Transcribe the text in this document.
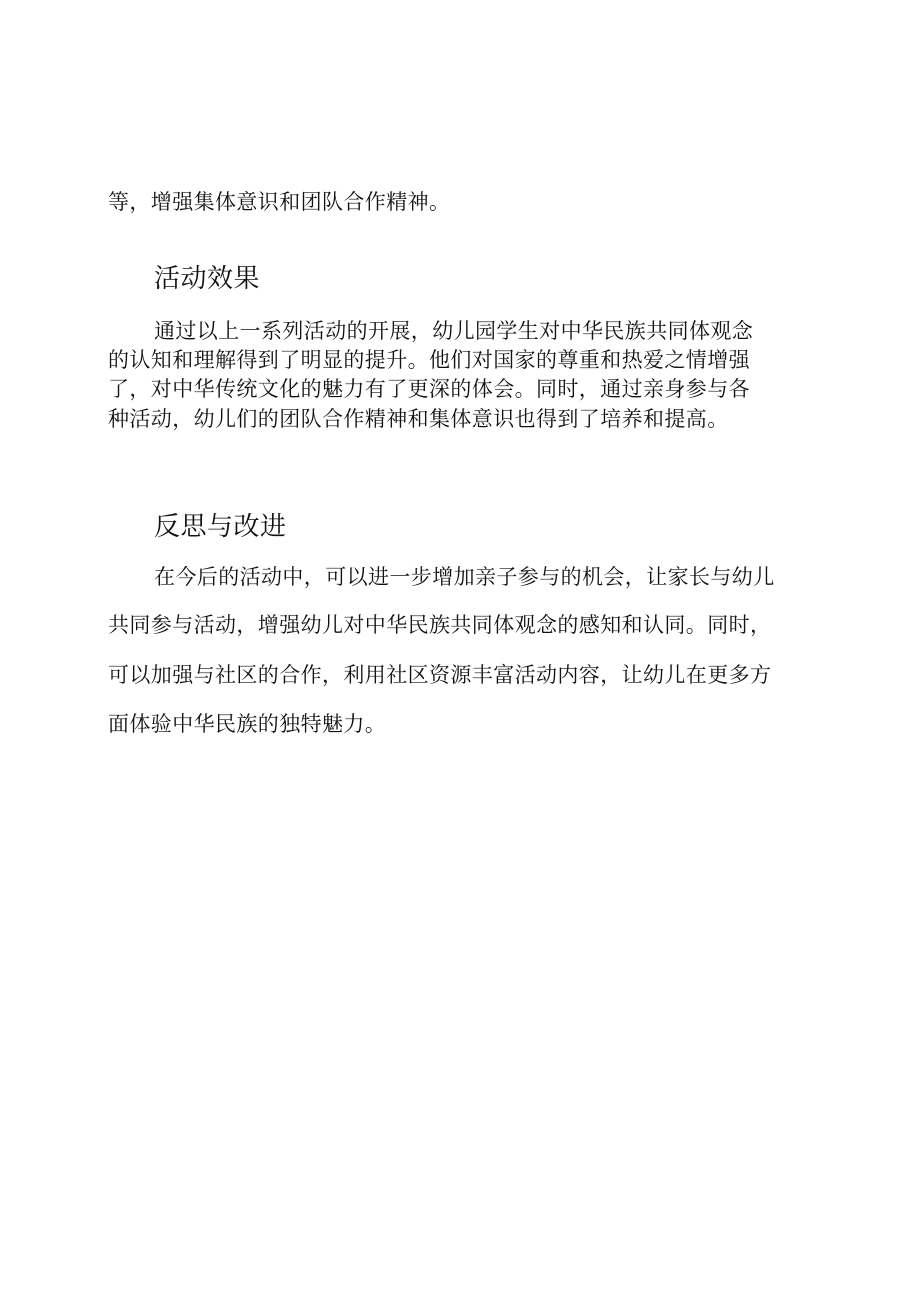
等，增强集体意识和团队合作精神。

活动效果

通过以上一系列活动的开展，幼儿园学生对中华民族共同体观念

的认知和理解得到了明显的提升。他们对国家的尊重和热爱之情增强

了，对中华传统文化的魅力有了更深的体会。同时，通过亲身参与各

种活动，幼儿们的团队合作精神和集体意识也得到了培养和提高。

反思与改进

在今后的活动中，可以进一步增加亲子参与的机会，让家长与幼儿

共同参与活动，增强幼儿对中华民族共同体观念的感知和认同。同时，

可以加强与社区的合作，利用社区资源丰富活动内容，让幼儿在更多方

面体验中华民族的独特魅力。
